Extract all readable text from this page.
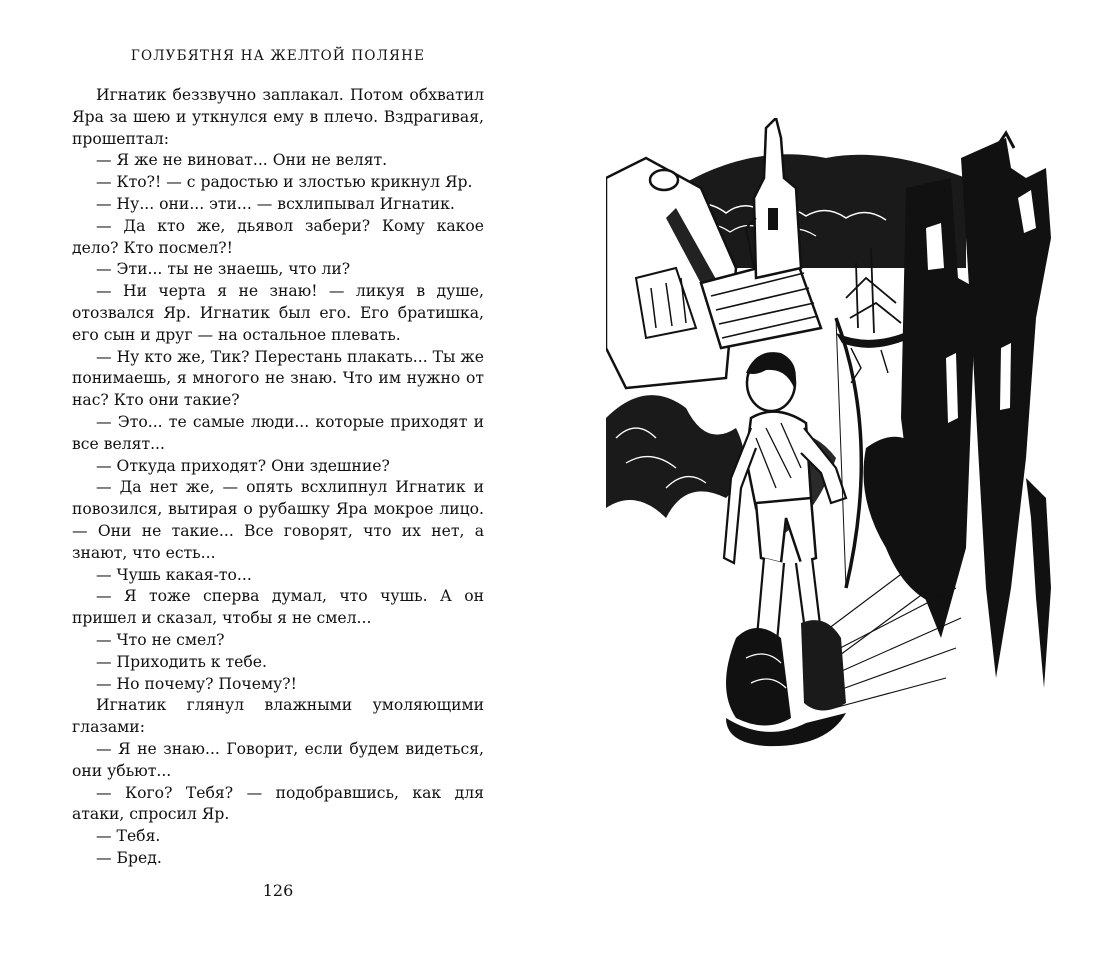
ГОЛУБЯТНЯ НА ЖЕЛТОЙ ПОЛЯНЕ

Игнатик беззвучно заплакал. Потом обхватил Яра за шею и уткнулся ему в плечо. Вздрагивая, прошептал:

— Я же не виноват... Они не велят.

— Кто?! — с радостью и злостью крикнул Яр.

— Ну... они... эти... — всхлипывал Игнатик.

— Да кто же, дьявол забери? Кому какое дело? Кто посмел?!

— Эти... ты не знаешь, что ли?

— Ни черта я не знаю! — ликуя в душе, отозвался Яр. Игнатик был его. Его братишка, его сын и друг — на остальное плевать.

— Ну кто же, Тик? Перестань плакать... Ты же понимаешь, я многого не знаю. Что им нужно от нас? Кто они такие?

— Это... те самые люди... которые приходят и все велят...

— Откуда приходят? Они здешние?

— Да нет же, — опять всхлипнул Игнатик и повозился, вытирая о рубашку Яра мокрое лицо. — Они не такие... Все говорят, что их нет, а знают, что есть...

— Чушь какая-то...

— Я тоже сперва думал, что чушь. А он пришел и сказал, чтобы я не смел...

— Что не смел?

— Приходить к тебе.

— Но почему? Почему?!

Игнатик глянул влажными умоляющими глазами:

— Я не знаю... Говорит, если будем видеться, они убьют...

— Кого? Тебя? — подобравшись, как для атаки, спросил Яр.

— Тебя.

— Бред.

126
